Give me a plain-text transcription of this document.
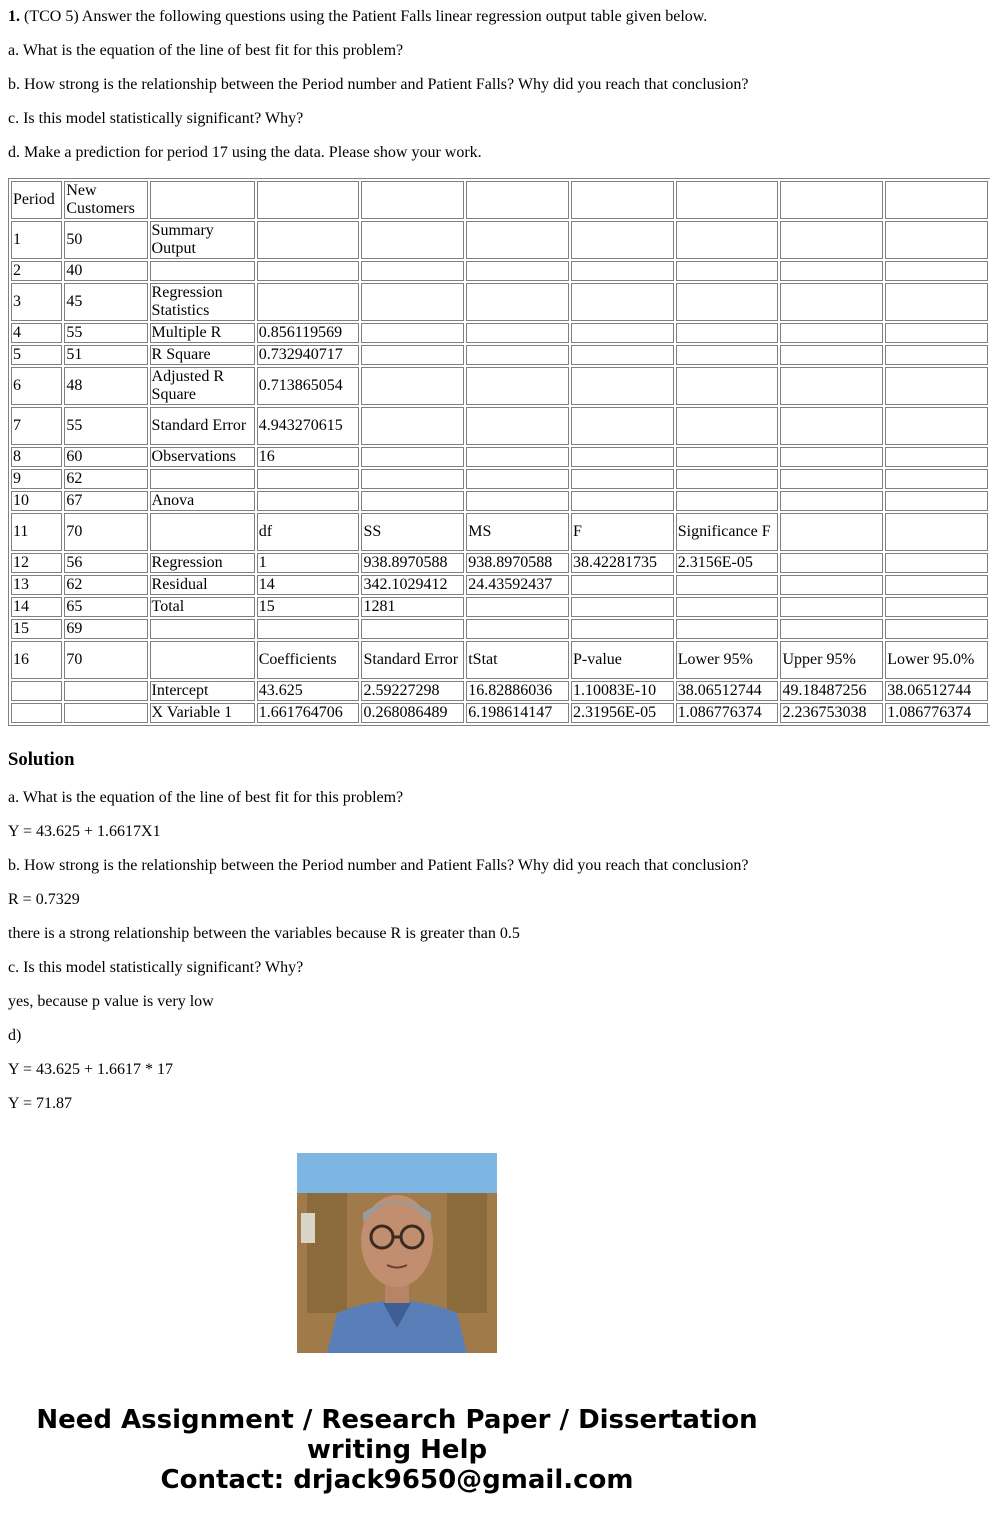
1. (TCO 5) Answer the following questions using the Patient Falls linear regression output table given below.

a. What is the equation of the line of best fit for this problem?

b. How strong is the relationship between the Period number and Patient Falls? Why did you reach that conclusion?

c. Is this model statistically significant? Why?

d. Make a prediction for period 17 using the data. Please show your work.

Period	New Customers								
1	50	Summary Output							
2	40								
3	45	Regression Statistics							
4	55	Multiple R	0.856119569						
5	51	R Square	0.732940717						
6	48	Adjusted R Square	0.713865054						
7	55	Standard Error	4.943270615						
8	60	Observations	16						
9	62								
10	67	Anova							
11	70		df	SS	MS	F	Significance F		
12	56	Regression	1	938.8970588	938.8970588	38.42281735	2.3156E-05		
13	62	Residual	14	342.1029412	24.43592437				
14	65	Total	15	1281					
15	69								
16	70		Coefficients	Standard Error	tStat	P-value	Lower 95%	Upper 95%	Lower 95.0%
		Intercept	43.625	2.59227298	16.82886036	1.10083E-10	38.06512744	49.18487256	38.06512744
		X Variable 1	1.661764706	0.268086489	6.198614147	2.31956E-05	1.086776374	2.236753038	1.086776374
Solution

a. What is the equation of the line of best fit for this problem?

Y = 43.625 + 1.6617X1

b. How strong is the relationship between the Period number and Patient Falls? Why did you reach that conclusion?

R = 0.7329

there is a strong relationship between the variables because R is greater than 0.5

c. Is this model statistically significant? Why?

yes, because p value is very low

d)

Y = 43.625 + 1.6617 * 17

Y = 71.87

Need Assignment / Research Paper / Dissertation
writing Help
Contact: drjack9650@gmail.com
